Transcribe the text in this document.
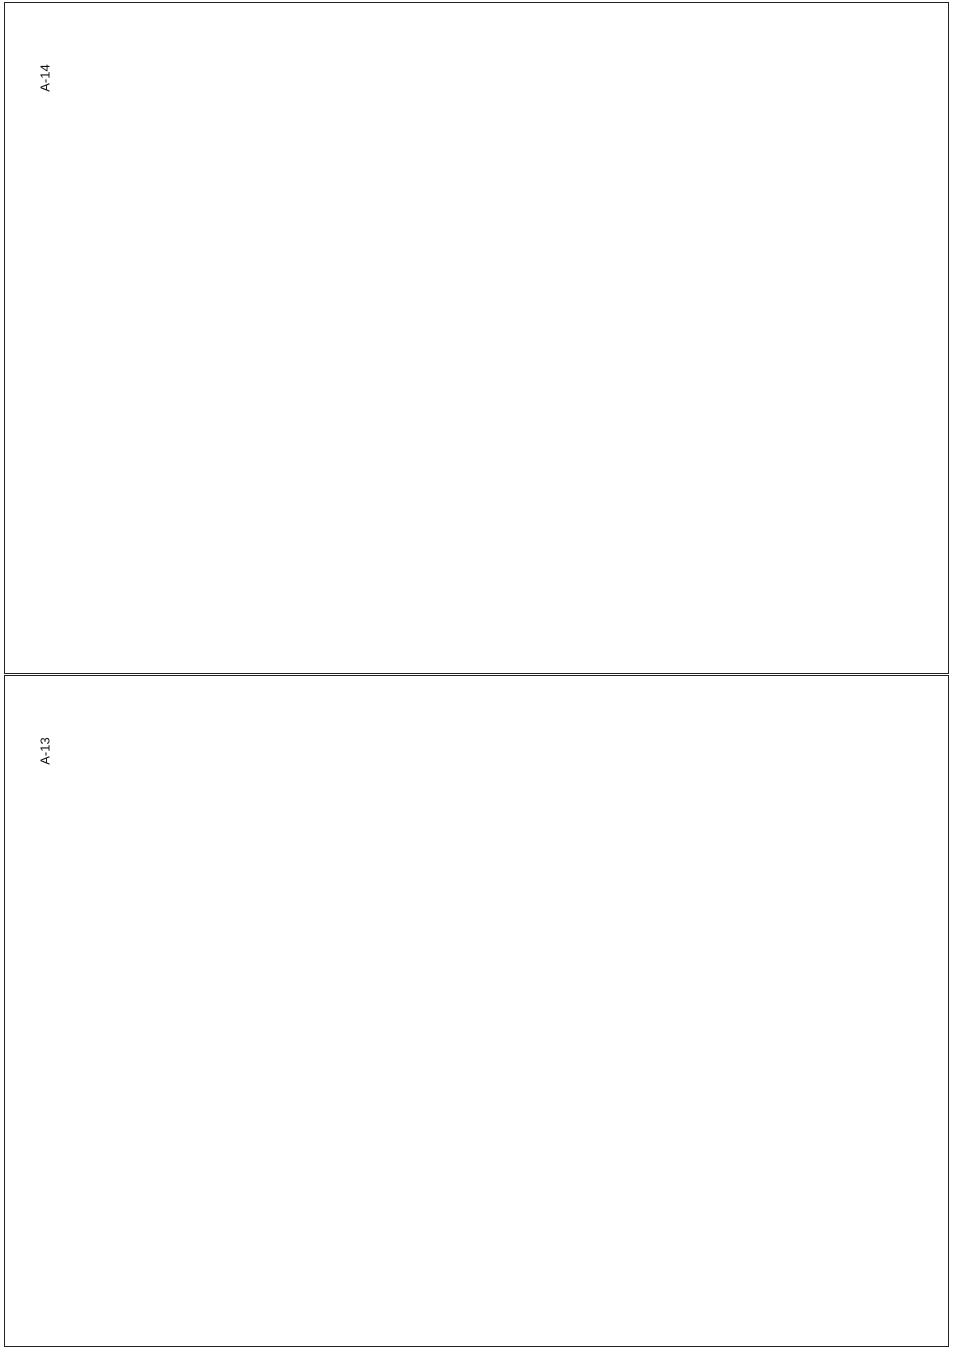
A-14
A-13
